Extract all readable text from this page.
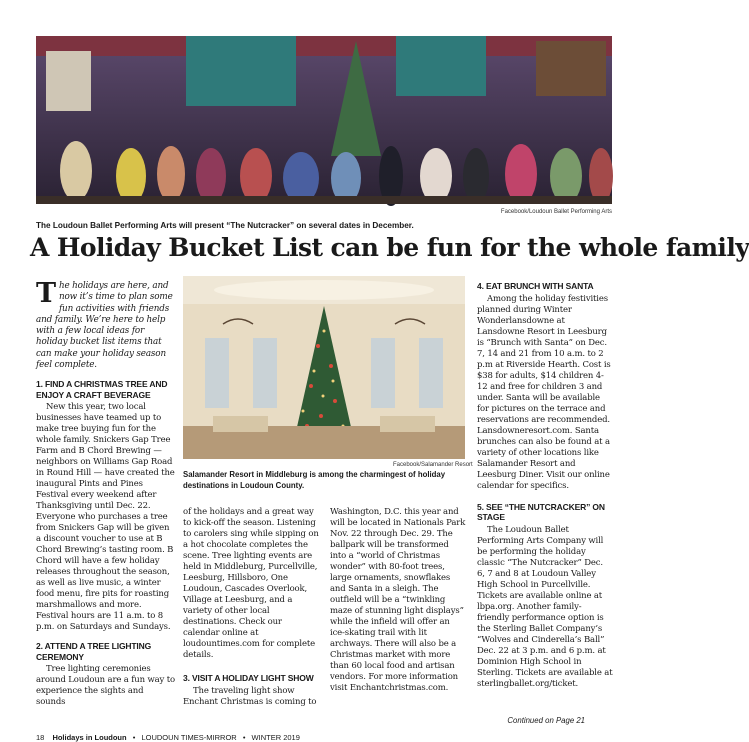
Facebook/Loudoun Ballet Performing Arts
The Loudoun Ballet Performing Arts will present “The Nutcracker” on several dates in December.
A Holiday Bucket List can be fun for the whole family

The holidays are here, and now it’s time to plan some fun activities with friends and family. We’re here to help with a few local ideas for holiday bucket list items that can make your holiday season feel complete.

1. FIND A CHRISTMAS TREE AND ENJOY A CRAFT BEVERAGE

New this year, two local businesses have teamed up to make tree buying fun for the whole family. Snickers Gap Tree Farm and B Chord Brewing — neighbors on Williams Gap Road in Round Hill — have created the inaugural Pints and Pines Festival every weekend after Thanksgiving until Dec. 22. Everyone who purchases a tree from Snickers Gap will be given a discount voucher to use at B Chord Brewing’s tasting room. B Chord will have a few holiday releases throughout the season, as well as live music, a winter food menu, fire pits for roasting marshmallows and more. Festival hours are 11 a.m. to 8 p.m. on Saturdays and Sundays.

2. ATTEND A TREE LIGHTING CEREMONY

Tree lighting ceremonies around Loudoun are a fun way to experience the sights and sounds

Facebook/Salamander Resort
Salamander Resort in Middleburg is among the charmingest of holiday destinations in Loudoun County.

of the holidays and a great way to kick-off the season. Listening to carolers sing while sipping on a hot chocolate completes the scene. Tree lighting events are held in Middleburg, Purcellville, Leesburg, Hillsboro, One Loudoun, Cascades Overlook, Village at Leesburg, and a variety of other local destinations. Check our calendar online at loudountimes.com for complete details.

3. VISIT A HOLIDAY LIGHT SHOW

The traveling light show Enchant Christmas is coming to

Washington, D.C. this year and will be located in Nationals Park Nov. 22 through Dec. 29. The ballpark will be transformed into a “world of Christmas wonder” with 80-foot trees, large ornaments, snowflakes and Santa in a sleigh. The outfield will be a “twinkling maze of stunning light displays” while the infield will offer an ice-skating trail with lit archways. There will also be a Christmas market with more than 60 local food and artisan vendors. For more information visit Enchantchristmas.com.

4. EAT BRUNCH WITH SANTA

Among the holiday festivities planned during Winter Wonderlansdowne at Lansdowne Resort in Leesburg is “Brunch with Santa” on Dec. 7, 14 and 21 from 10 a.m. to 2 p.m at Riverside Hearth. Cost is $38 for adults, $14 children 4-12 and free for children 3 and under. Santa will be available for pictures on the terrace and reservations are recommended. Lansdowneresort.com. Santa brunches can also be found at a variety of other locations like Salamander Resort and Leesburg Diner. Visit our online calendar for specifics.

5. SEE “THE NUTCRACKER” ON STAGE

The Loudoun Ballet Performing Arts Company will be performing the holiday classic “The Nutcracker” Dec. 6, 7 and 8 at Loudoun Valley High School in Purcellville. Tickets are available online at lbpa.org. Another family-friendly performance option is the Sterling Ballet Company’s “Wolves and Cinderella’s Ball” Dec. 22 at 3 p.m. and 6 p.m. at Dominion High School in Sterling. Tickets are available at sterlingballet.org/ticket.

Continued on Page 21
18 Holidays in Loudoun • LOUDOUN TIMES-MIRROR • WINTER 2019
